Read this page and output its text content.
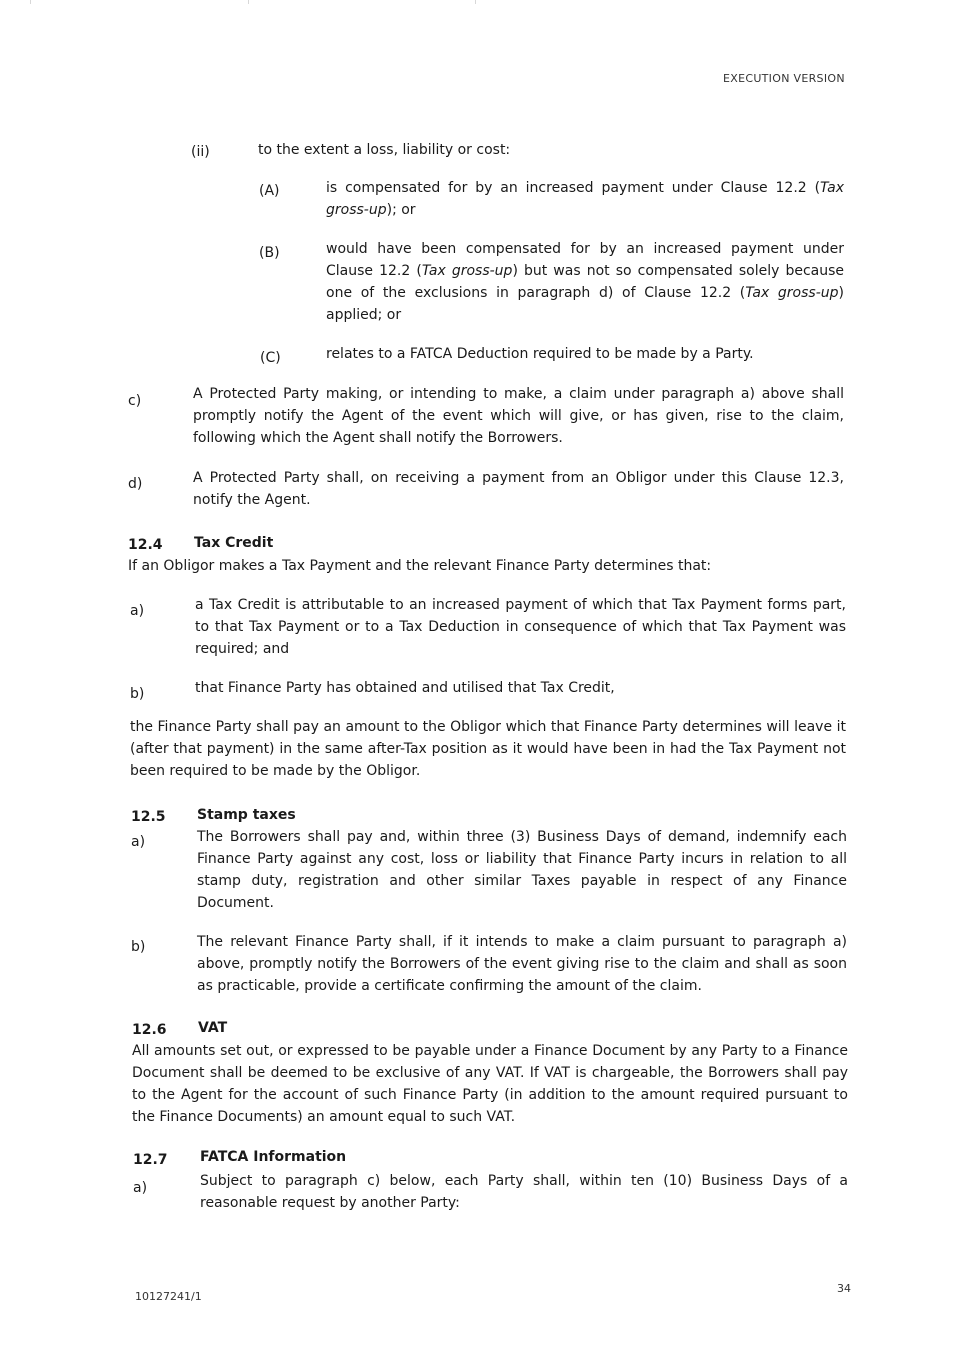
EXECUTION VERSION
(ii)	to the extent a loss, liability or cost:
(A)	is compensated for by an increased payment under Clause 12.2 (Tax gross-up); or
(B)	would have been compensated for by an increased payment under Clause 12.2 (Tax gross-up) but was not so compensated solely because one of the exclusions in paragraph d) of Clause 12.2 (Tax gross-up) applied; or
(C)	relates to a FATCA Deduction required to be made by a Party.
c)	A Protected Party making, or intending to make, a claim under paragraph a) above shall promptly notify the Agent of the event which will give, or has given, rise to the claim, following which the Agent shall notify the Borrowers.
d)	A Protected Party shall, on receiving a payment from an Obligor under this Clause 12.3, notify the Agent.
12.4 Tax Credit
If an Obligor makes a Tax Payment and the relevant Finance Party determines that:
a)	a Tax Credit is attributable to an increased payment of which that Tax Payment forms part, to that Tax Payment or to a Tax Deduction in consequence of which that Tax Payment was required; and
b)	that Finance Party has obtained and utilised that Tax Credit,
the Finance Party shall pay an amount to the Obligor which that Finance Party determines will leave it (after that payment) in the same after-Tax position as it would have been in had the Tax Payment not been required to be made by the Obligor.
12.5 Stamp taxes
a)	The Borrowers shall pay and, within three (3) Business Days of demand, indemnify each Finance Party against any cost, loss or liability that Finance Party incurs in relation to all stamp duty, registration and other similar Taxes payable in respect of any Finance Document.
b)	The relevant Finance Party shall, if it intends to make a claim pursuant to paragraph a) above, promptly notify the Borrowers of the event giving rise to the claim and shall as soon as practicable, provide a certificate confirming the amount of the claim.
12.6 VAT
All amounts set out, or expressed to be payable under a Finance Document by any Party to a Finance Document shall be deemed to be exclusive of any VAT. If VAT is chargeable, the Borrowers shall pay to the Agent for the account of such Finance Party (in addition to the amount required pursuant to the Finance Documents) an amount equal to such VAT.
12.7 FATCA Information
a)	Subject to paragraph c) below, each Party shall, within ten (10) Business Days of a reasonable request by another Party:
10127241/1
34
